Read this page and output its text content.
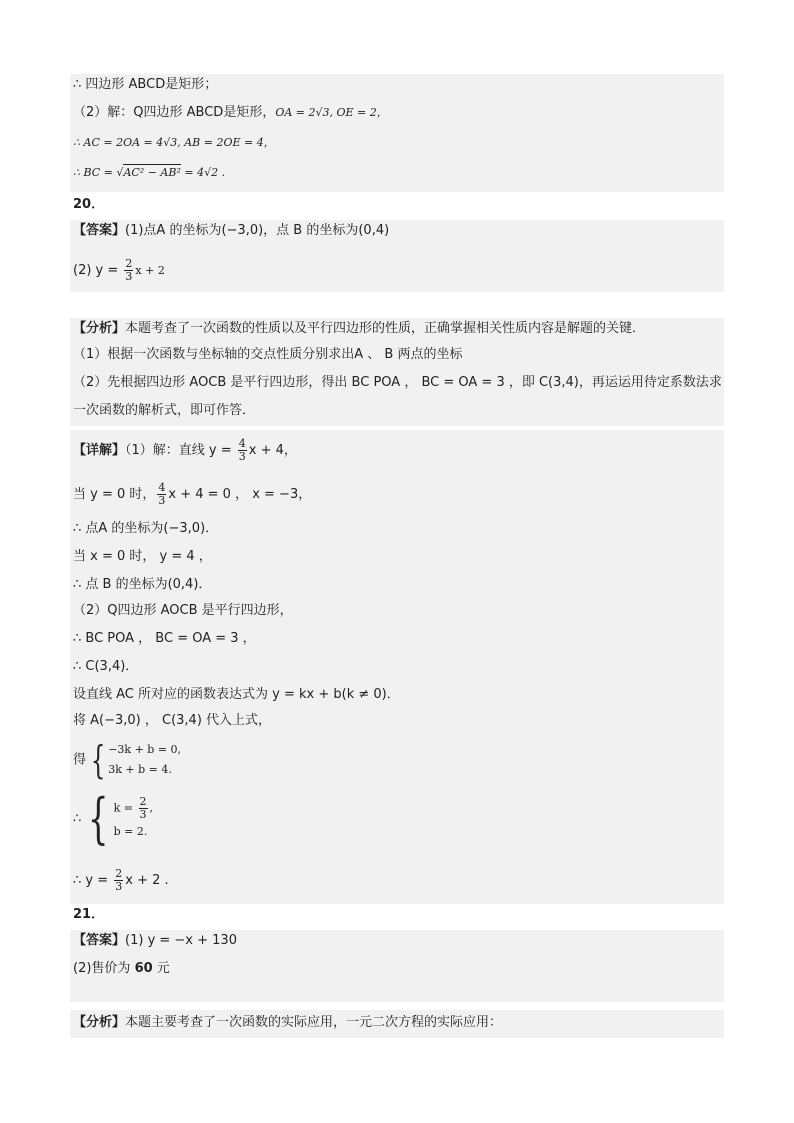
∴ 四边形 ABCD是矩形；
（2）解：Q四边形 ABCD是矩形，OA = 2√3, OE = 2，
∴ AC = 2OA = 4√3, AB = 2OE = 4，
∴ BC = √AC² − AB² = 4√2 .
20．
【答案】(1)点A 的坐标为(−3,0)，点 B 的坐标为(0,4)
(2) $y = \frac{2}{3}$ x + 2
【分析】本题考查了一次函数的性质以及平行四边形的性质，正确掌握相关性质内容是解题的关键．
（1）根据一次函数与坐标轴的交点性质分别求出A 、 B 两点的坐标
（2）先根据四边形 AOCB 是平行四边形，得出 BC POA ， BC = OA = 3 ，即 C(3,4)，再运运用待定系数法求
一次函数的解析式，即可作答．
【详解】（1）解：直线 $y = \frac{4}{3}$ x + 4，
当 y = 0 时， $\frac{4}{3}$ x + 4 = 0 ， x = −3，
∴ 点A 的坐标为(−3,0)．
当 x = 0 时， y = 4 ，
∴ 点 B 的坐标为(0,4)．
（2）Q四边形 AOCB 是平行四边形，
∴ BC POA ， BC = OA = 3 ，
∴ C(3,4)．
设直线 AC 所对应的函数表达式为 y = kx + b(k ≠ 0)．
将 A(−3,0) ， C(3,4) 代入上式，
得 { −3k + b = 0,
3k + b = 4.
∴ { $k = \frac{2}{3}$ ,
b = 2.
∴ $y = \frac{2}{3}$ x + 2 .
21．
【答案】(1) y = −x + 130
(2)售价为 60 元
【分析】本题主要考查了一次函数的实际应用，一元二次方程的实际应用：
